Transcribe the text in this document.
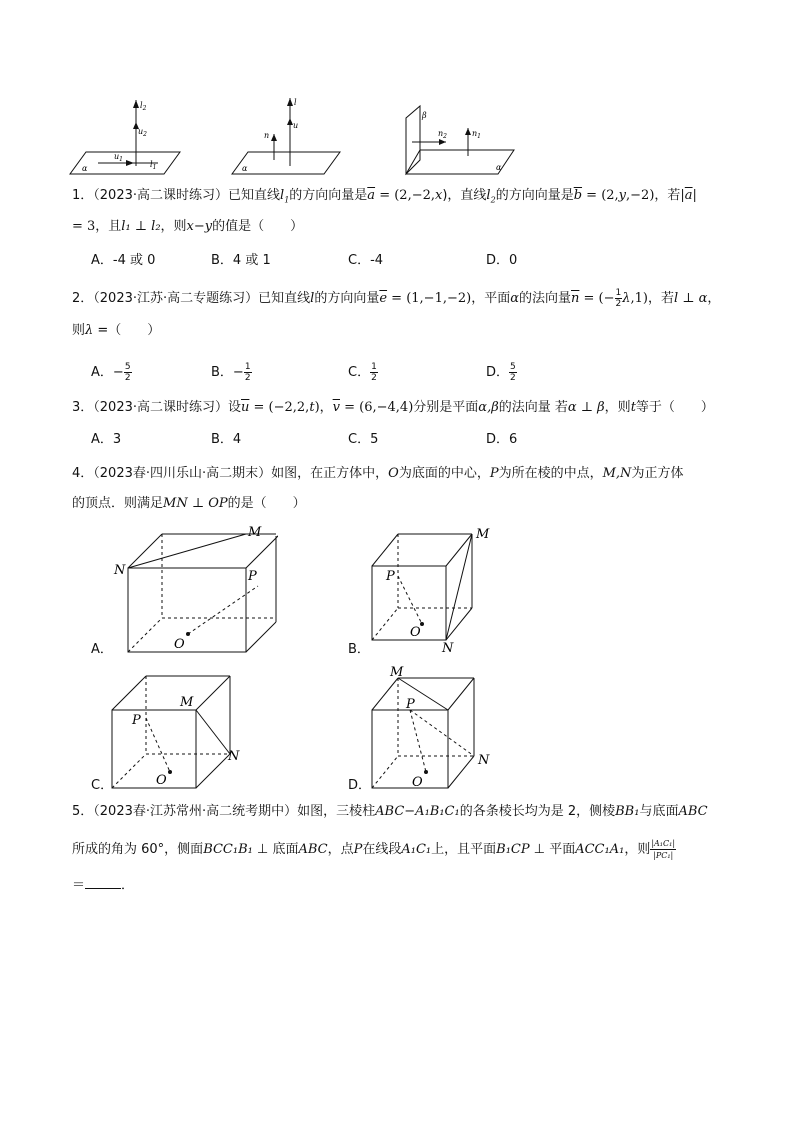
$l_2$
$u_2$
$u_1$
$l_1$
α
l
u
n
α
β
$n_2$	$n_1$
α
1．（2023·高二课时练习）已知直线$l_1$的方向向量是$\overline{a} = (2,-2,x)$，直线$l_2$的方向向量是$\overline{b} = (2,y,-2)$，若$|\overline{a}|$
= 3，且l₁ ⊥ l₂，则x−y的值是（　　）
A．-4 或 0	B．4 或 1	C．-4	D．0
2．（2023·江苏·高二专题练习）已知直线l的方向向量$\overline{e} = (1,-1,-2)$，平面α的法向量$\overline{n}$ = (− $\frac{1}{2} \lambda,1$)，若l ⊥ α，
则λ =（　　）
A．− $\frac{5}{2}$	B．− $\frac{1}{2}$	C． $\frac{1}{2}$	D． $\frac{5}{2}$
3．（2023·高二课时练习）设$\overline{u} = (-2,2,t)$，$\overline{v} = (6,-4,4)$分别是平面α,β的法向量 若α ⊥ β，则t等于（　　）
A．3	B．4	C．5	D．6
4．（2023春·四川乐山·高二期末）如图，在正方体中，O为底面的中心，P为所在棱的中点，M,N为正方体
的顶点．则满足MN ⊥ OP的是（　　）
M
N	P
O
A．
M
P
O
N
B．
M
P
N
O
C．
M
P
N
O
D．
5．（2023春·江苏常州·高二统考期中）如图，三棱柱ABC−A₁B₁C₁的各条棱长均为是 2，侧棱BB₁与底面ABC
所成的角为 60°，侧面BCC₁B₁ ⊥ 底面ABC，点P在线段A₁C₁上，且平面B₁CP ⊥ 平面ACC₁A₁，则 $\frac{\text{|A₁C₁|}}{\text{|PC₁|}}$
＝	．
